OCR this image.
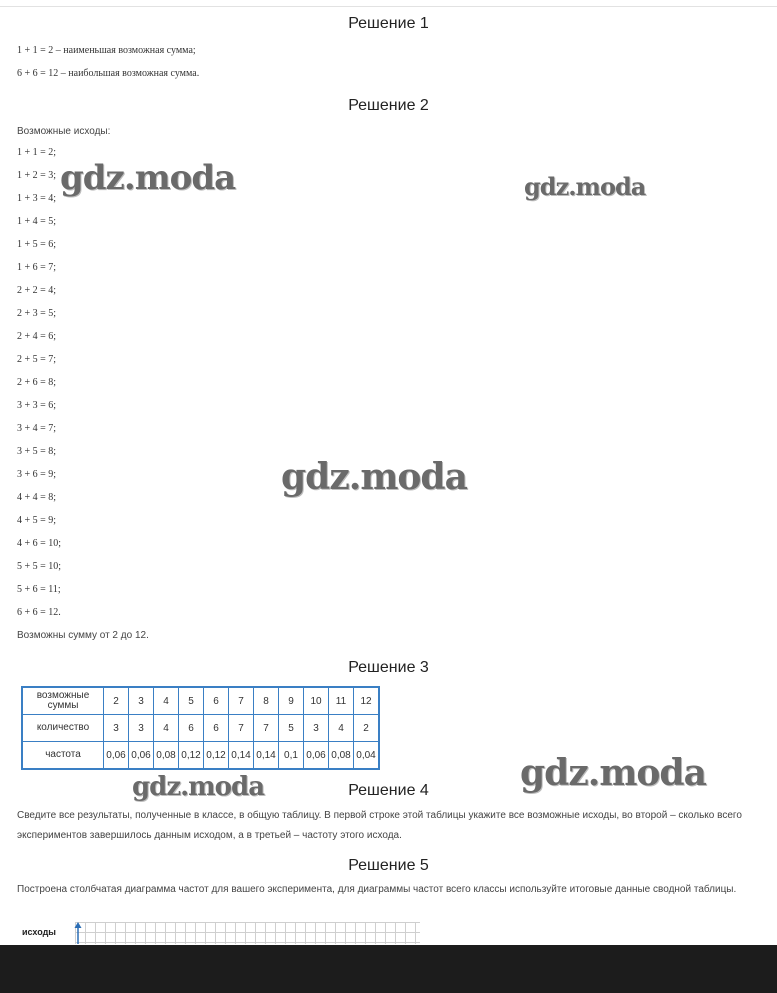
Решение 1
1 + 1 = 2 – наименьшая возможная сумма;
6 + 6 = 12 – наибольшая возможная сумма.
Решение 2
Возможные исходы:
1 + 1 = 2;
1 + 2 = 3;
1 + 3 = 4;
1 + 4 = 5;
1 + 5 = 6;
1 + 6 = 7;
2 + 2 = 4;
2 + 3 = 5;
2 + 4 = 6;
2 + 5 = 7;
2 + 6 = 8;
3 + 3 = 6;
3 + 4 = 7;
3 + 5 = 8;
3 + 6 = 9;
4 + 4 = 8;
4 + 5 = 9;
4 + 6 = 10;
5 + 5 = 10;
5 + 6 = 11;
6 + 6 = 12.
Возможны сумму от 2 до 12.
Решение 3
возможные суммы	2	3	4	5	6	7	8	9	10	11	12
количество	3	3	4	6	6	7	7	5	3	4	2
частота	0,06	0,06	0,08	0,12	0,12	0,14	0,14	0,1	0,06	0,08	0,04
Решение 4
Сведите все результаты, полученные в классе, в общую таблицу. В первой строке этой таблицы укажите все возможные исходы, во второй – сколько всего экспериментов завершилось данным исходом, а в третьей – частоту этого исхода.
Решение 5
Построена столбчатая диаграмма частот для вашего эксперимента, для диаграммы частот всего классы используйте итоговые данные сводной таблицы.
исходы
gdz.moda	gdz.moda
gdz.moda
gdz.moda
gdz.moda
